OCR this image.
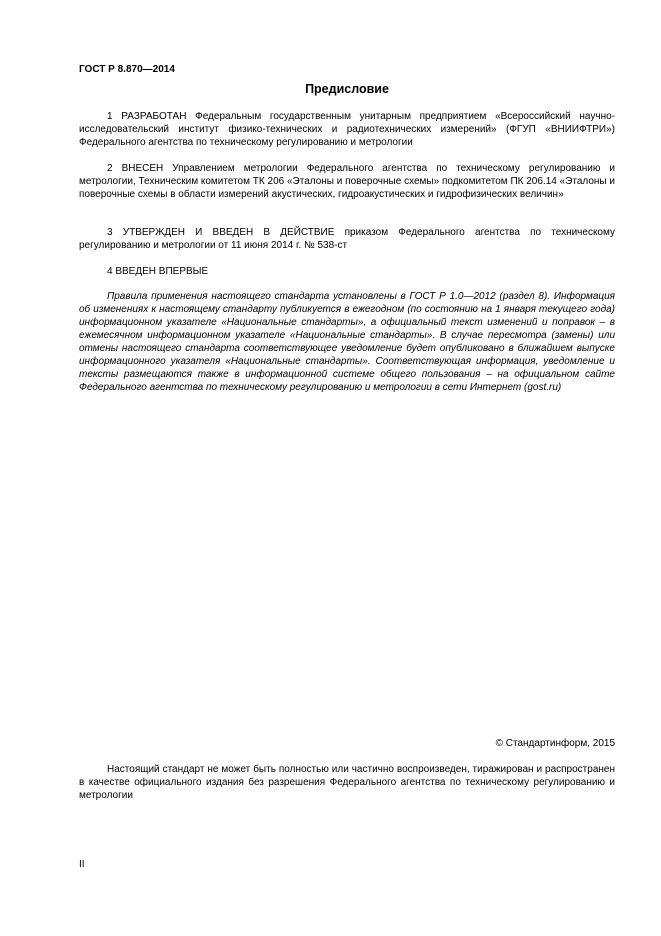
ГОСТ Р 8.870—2014
Предисловие

1 РАЗРАБОТАН Федеральным государственным унитарным предприятием «Всероссийский научно-исследовательский институт физико-технических и радиотехнических измерений» (ФГУП «ВНИИФТРИ») Федерального агентства по техническому регулированию и метрологии

2 ВНЕСЕН Управлением метрологии Федерального агентства по техническому регулированию и метрологии, Техническим комитетом ТК 206 «Эталоны и поверочные схемы» подкомитетом ПК 206.14 «Эталоны и поверочные схемы в области измерений акустических, гидроакустических и гидрофизических величин»

3 УТВЕРЖДЕН И ВВЕДЕН В ДЕЙСТВИЕ приказом Федерального агентства по техническому регулированию и метрологии от 11 июня 2014 г. № 538-ст

4 ВВЕДЕН ВПЕРВЫЕ

Правила применения настоящего стандарта установлены в ГОСТ Р 1.0—2012 (раздел 8). Информация об изменениях к настоящему стандарту публикуется в ежегодном (по состоянию на 1 января текущего года) информационном указателе «Национальные стандарты», а официальный текст изменений и поправок – в ежемесячном информационном указателе «Национальные стандарты». В случае пересмотра (замены) или отмены настоящего стандарта соответствующее уведомление будет опубликовано в ближайшем выпуске информационного указателя «Национальные стандарты». Соответствующая информация, уведомление и тексты размещаются также в информационной системе общего пользования – на официальном сайте Федерального агентства по техническому регулированию и метрологии в сети Интернет (gost.ru)

© Стандартинформ, 2015

Настоящий стандарт не может быть полностью или частично воспроизведен, тиражирован и распространен в качестве официального издания без разрешения Федерального агентства по техническому регулированию и метрологии

II
